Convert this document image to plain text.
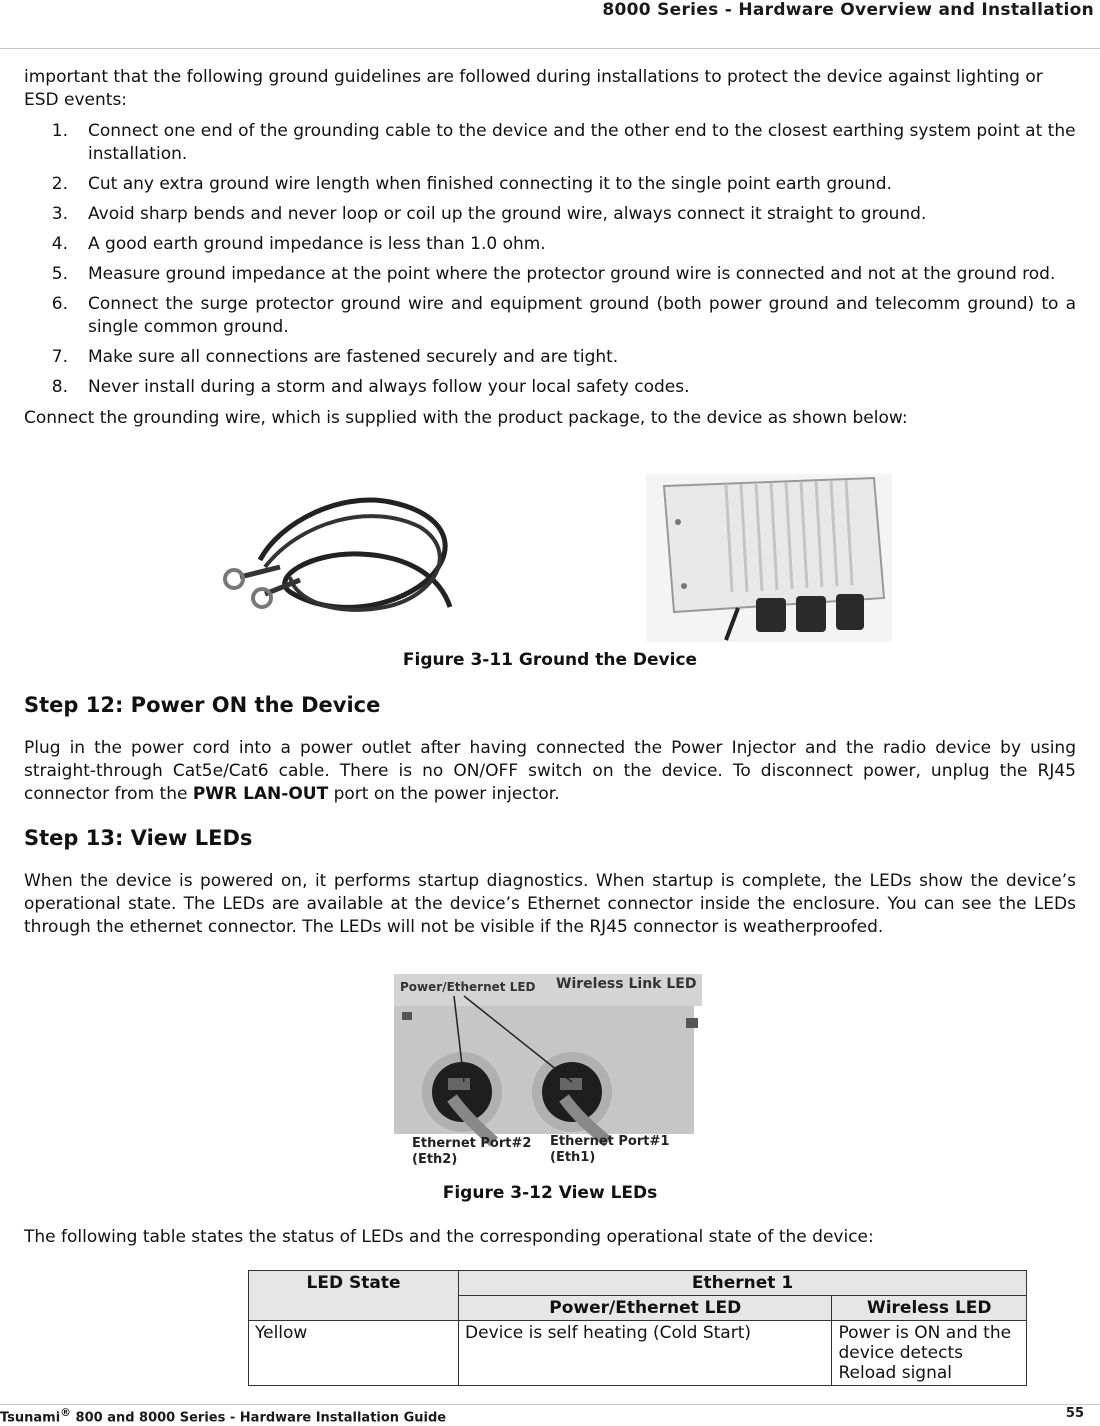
8000 Series - Hardware Overview and Installation

important that the following ground guidelines are followed during installations to protect the device against lighting or ESD events:

1. Connect one end of the grounding cable to the device and the other end to the closest earthing system point at the installation.
2. Cut any extra ground wire length when finished connecting it to the single point earth ground.
3. Avoid sharp bends and never loop or coil up the ground wire, always connect it straight to ground.
4. A good earth ground impedance is less than 1.0 ohm.
5. Measure ground impedance at the point where the protector ground wire is connected and not at the ground rod.
6. Connect the surge protector ground wire and equipment ground (both power ground and telecomm ground) to a single common ground.
7. Make sure all connections are fastened securely and are tight.
8. Never install during a storm and always follow your local safety codes.

Connect the grounding wire, which is supplied with the product package, to the device as shown below:

Figure 3-11 Ground the Device
Step 12: Power ON the Device

Plug in the power cord into a power outlet after having connected the Power Injector and the radio device by using straight-through Cat5e/Cat6 cable. There is no ON/OFF switch on the device. To disconnect power, unplug the RJ45 connector from the PWR LAN-OUT port on the power injector.

Step 13: View LEDs

When the device is powered on, it performs startup diagnostics. When startup is complete, the LEDs show the device’s operational state. The LEDs are available at the device’s Ethernet connector inside the enclosure. You can see the LEDs through the ethernet connector. The LEDs will not be visible if the RJ45 connector is weatherproofed.

Power/Ethernet LED Wireless Link LED
Ethernet Port#2
(Eth2)
Ethernet Port#1
(Eth1)
Figure 3-12 View LEDs

The following table states the status of LEDs and the corresponding operational state of the device:

LED State	Ethernet 1	
	Power/Ethernet LED	Wireless LED
Yellow	Device is self heating (Cold Start)	Power is ON and the device detects Reload signal
Tsunami® 800 and 8000 Series - Hardware Installation Guide	55
